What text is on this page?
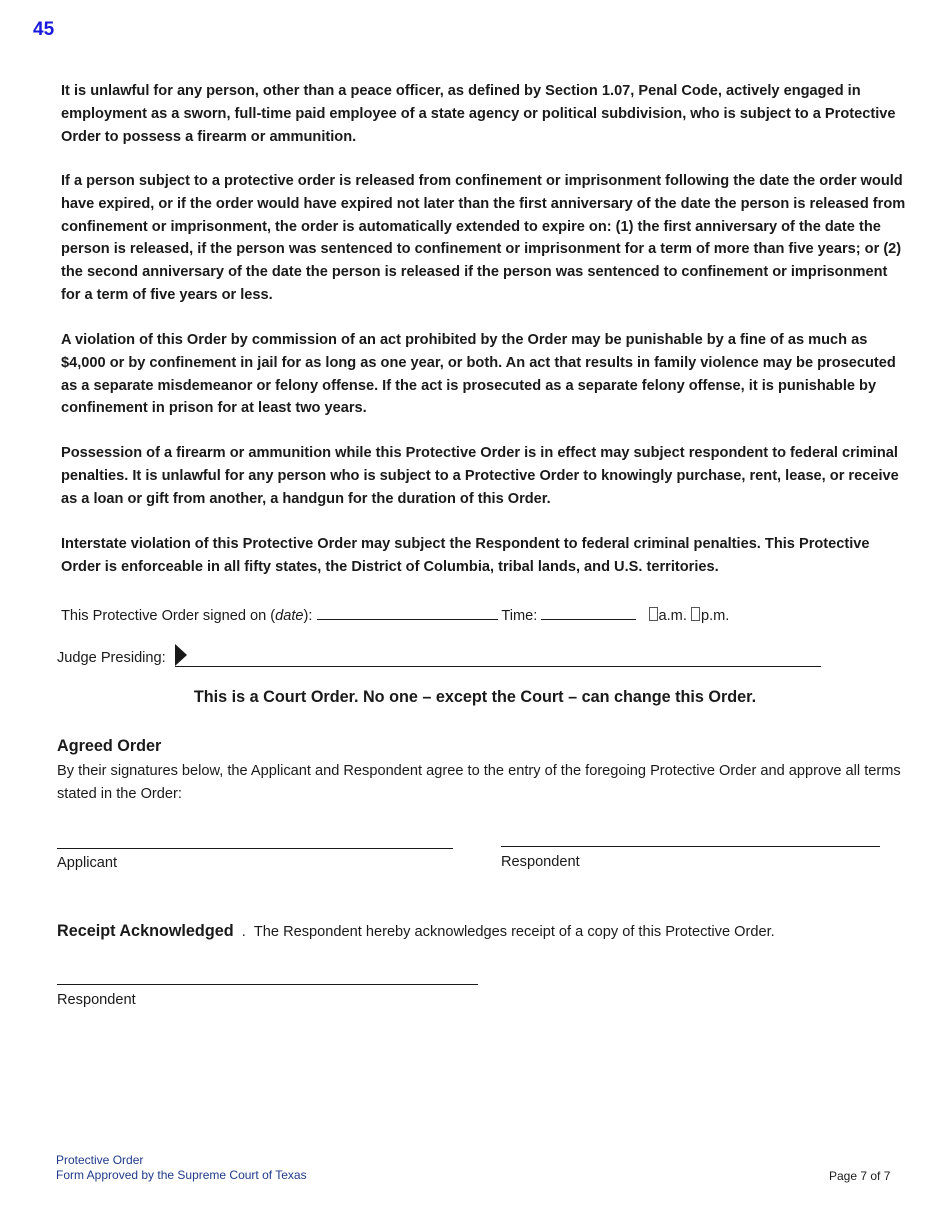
45

It is unlawful for any person, other than a peace officer, as defined by Section 1.07, Penal Code, actively engaged in employment as a sworn, full-time paid employee of a state agency or political subdivision, who is subject to a Protective Order to possess a firearm or ammunition.

If a person subject to a protective order is released from confinement or imprisonment following the date the order would have expired, or if the order would have expired not later than the first anniversary of the date the person is released from confinement or imprisonment, the order is automatically extended to expire on: (1) the first anniversary of the date the person is released, if the person was sentenced to confinement or imprisonment for a term of more than five years; or (2) the second anniversary of the date the person is released if the person was sentenced to confinement or imprisonment for a term of five years or less.

A violation of this Order by commission of an act prohibited by the Order may be punishable by a fine of as much as $4,000 or by confinement in jail for as long as one year, or both. An act that results in family violence may be prosecuted as a separate misdemeanor or felony offense. If the act is prosecuted as a separate felony offense, it is punishable by confinement in prison for at least two years.

Possession of a firearm or ammunition while this Protective Order is in effect may subject respondent to federal criminal penalties. It is unlawful for any person who is subject to a Protective Order to knowingly purchase, rent, lease, or receive as a loan or gift from another, a handgun for the duration of this Order.

Interstate violation of this Protective Order may subject the Respondent to federal criminal penalties. This Protective Order is enforceable in all fifty states, the District of Columbia, tribal lands, and U.S. territories.

This Protective Order signed on (date):	Time:	a.m. p.m.
Judge Presiding:
This is a Court Order. No one – except the Court – can change this Order.
Agreed Order

By their signatures below, the Applicant and Respondent agree to the entry of the foregoing Protective Order and approve all terms stated in the Order:

Applicant	Respondent
Receipt Acknowledged  .  The Respondent hereby acknowledges receipt of a copy of this Protective Order.
Respondent
Protective Order
Form Approved by the Supreme Court of Texas	Page 7 of 7
